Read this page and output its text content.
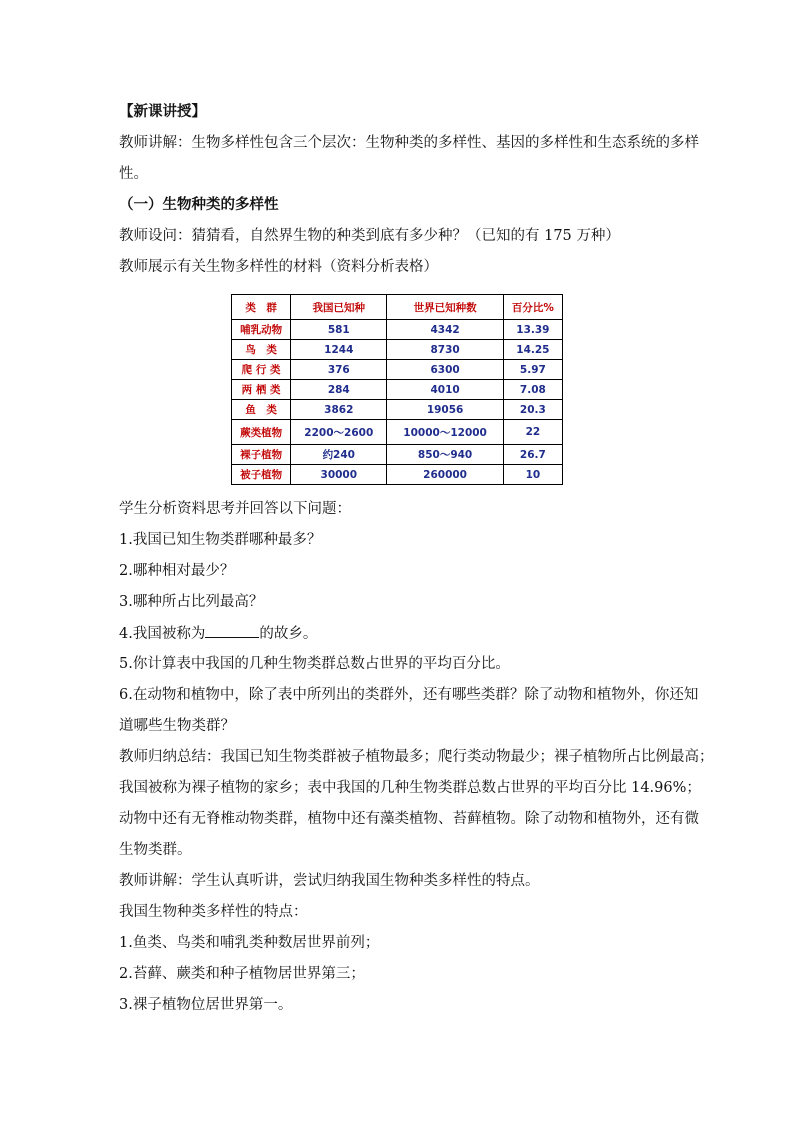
【新课讲授】
教师讲解：生物多样性包含三个层次：生物种类的多样性、基因的多样性和生态系统的多样
性。
（一）生物种类的多样性
教师设问：猜猜看，自然界生物的种类到底有多少种？（已知的有 175 万种）
教师展示有关生物多样性的材料（资料分析表格）
类　群	我国已知种	世界已知种数	百分比%
哺乳动物	581	4342	13.39
鸟　类	1244	8730	14.25
爬 行 类	376	6300	5.97
两 栖 类	284	4010	7.08
鱼　类	3862	19056	20.3
蕨类植物	2200～2600	10000～12000	22
裸子植物	约240	850～940	26.7
被子植物	30000	260000	10
学生分析资料思考并回答以下问题：
1.我国已知生物类群哪种最多？
2.哪种相对最少？
3.哪种所占比列最高？
4.我国被称为	的故乡。
5.你计算表中我国的几种生物类群总数占世界的平均百分比。
6.在动物和植物中，除了表中所列出的类群外，还有哪些类群？除了动物和植物外，你还知
道哪些生物类群？
教师归纳总结：我国已知生物类群被子植物最多；爬行类动物最少；裸子植物所占比例最高；
我国被称为裸子植物的家乡；表中我国的几种生物类群总数占世界的平均百分比 14.96%；
动物中还有无脊椎动物类群，植物中还有藻类植物、苔藓植物。除了动物和植物外，还有微
生物类群。
教师讲解：学生认真听讲，尝试归纳我国生物种类多样性的特点。
我国生物种类多样性的特点：
1.鱼类、鸟类和哺乳类种数居世界前列；
2.苔藓、蕨类和种子植物居世界第三；
3.裸子植物位居世界第一。
